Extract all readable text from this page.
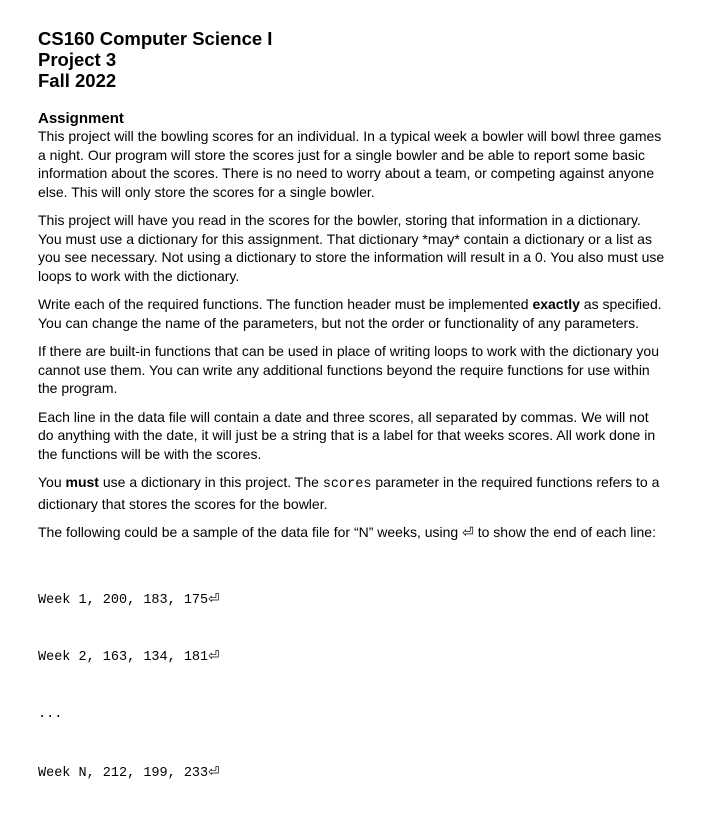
CS160 Computer Science I
Project 3
Fall 2022
Assignment

This project will the bowling scores for an individual. In a typical week a bowler will bowl three games a night. Our program will store the scores just for a single bowler and be able to report some basic information about the scores. There is no need to worry about a team, or competing against anyone else. This will only store the scores for a single bowler.

This project will have you read in the scores for the bowler, storing that information in a dictionary. You must use a dictionary for this assignment. That dictionary *may* contain a dictionary or a list as you see necessary. Not using a dictionary to store the information will result in a 0. You also must use loops to work with the dictionary.

Write each of the required functions. The function header must be implemented exactly as specified. You can change the name of the parameters, but not the order or functionality of any parameters.

If there are built-in functions that can be used in place of writing loops to work with the dictionary you cannot use them. You can write any additional functions beyond the require functions for use within the program.

Each line in the data file will contain a date and three scores, all separated by commas. We will not do anything with the date, it will just be a string that is a label for that weeks scores. All work done in the functions will be with the scores.

You must use a dictionary in this project. The scores parameter in the required functions refers to a dictionary that stores the scores for the bowler.

The following could be a sample of the data file for “N” weeks, using ⏎ to show the end of each line:

Week 1, 200, 183, 175⏎

Week 2, 163, 134, 181⏎

...

Week N, 212, 199, 233⏎
